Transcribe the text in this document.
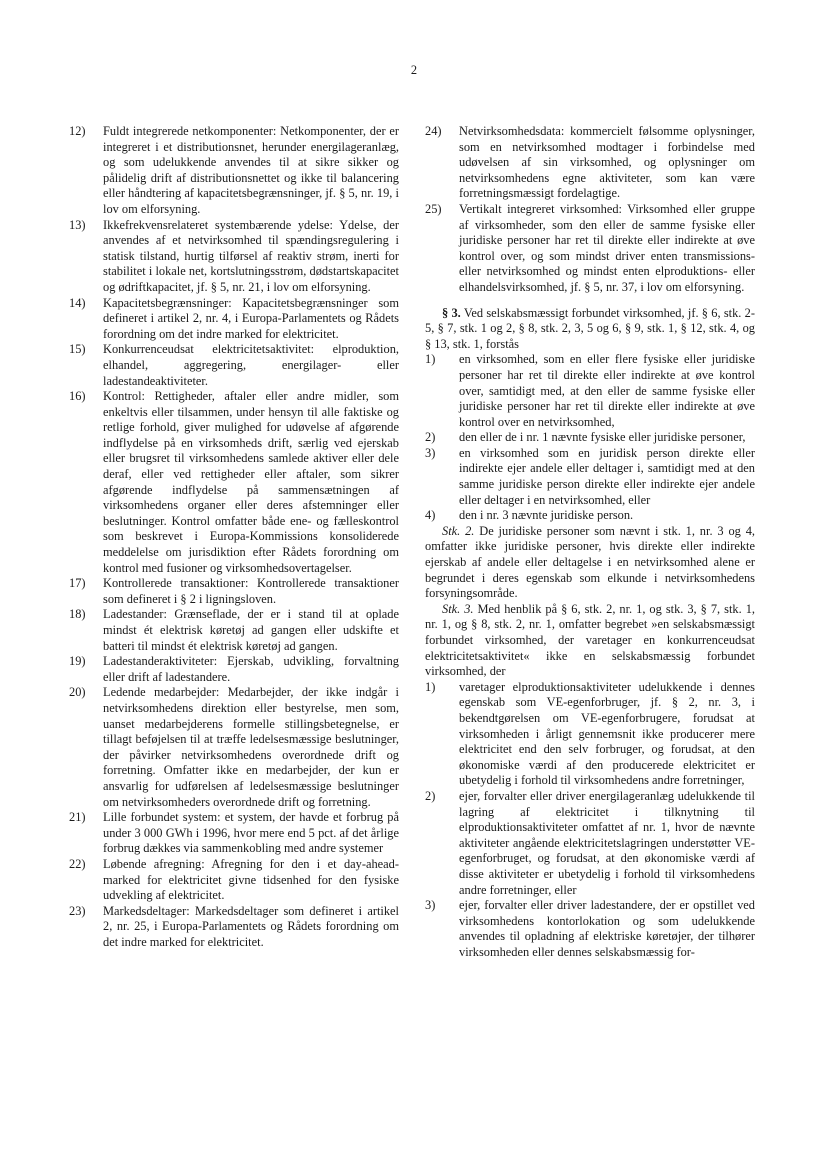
2
12)	Fuldt integrerede netkomponenter: Netkomponenter, der er integreret i et distributionsnet, herunder energilageranlæg, og som udelukkende anvendes til at sikre sikker og pålidelig drift af distributionsnettet og ikke til balancering eller håndtering af kapacitetsbegrænsninger, jf. § 5, nr. 19, i lov om elforsyning.
13)	Ikkefrekvensrelateret systembærende ydelse: Ydelse, der anvendes af et netvirksomhed til spændingsregulering i statisk tilstand, hurtig tilførsel af reaktiv strøm, inerti for stabilitet i lokale net, kortslutningsstrøm, dødstartskapacitet og ødriftkapacitet, jf. § 5, nr. 21, i lov om elforsyning.
14)	Kapacitetsbegrænsninger: Kapacitetsbegrænsninger som defineret i artikel 2, nr. 4, i Europa-Parlamentets og Rådets forordning om det indre marked for elektricitet.
15)	Konkurrenceudsat elektricitetsaktivitet: elproduktion, elhandel, aggregering, energilager- eller ladestandeaktiviteter.
16)	Kontrol: Rettigheder, aftaler eller andre midler, som enkeltvis eller tilsammen, under hensyn til alle faktiske og retlige forhold, giver mulighed for udøvelse af afgørende indflydelse på en virksomheds drift, særlig ved ejerskab eller brugsret til virksomhedens samlede aktiver eller dele deraf, eller ved rettigheder eller aftaler, som sikrer afgørende indflydelse på sammensætningen af virksomhedens organer eller deres afstemninger eller beslutninger. Kontrol omfatter både ene- og fælleskontrol som beskrevet i Europa-Kommissions konsoliderede meddelelse om jurisdiktion efter Rådets forordning om kontrol med fusioner og virksomhedsovertagelser.
17)	Kontrollerede transaktioner: Kontrollerede transaktioner som defineret i § 2 i ligningsloven.
18)	Ladestander: Grænseflade, der er i stand til at oplade mindst ét elektrisk køretøj ad gangen eller udskifte et batteri til mindst ét elektrisk køretøj ad gangen.
19)	Ladestanderaktiviteter: Ejerskab, udvikling, forvaltning eller drift af ladestandere.
20)	Ledende medarbejder: Medarbejder, der ikke indgår i netvirksomhedens direktion eller bestyrelse, men som, uanset medarbejderens formelle stillingsbetegnelse, er tillagt beføjelsen til at træffe ledelsesmæssige beslutninger, der påvirker netvirksomhedens overordnede drift og forretning. Omfatter ikke en medarbejder, der kun er ansvarlig for udførelsen af ledelsesmæssige beslutninger om netvirksomheders overordnede drift og forretning.
21)	Lille forbundet system: et system, der havde et forbrug på under 3 000 GWh i 1996, hvor mere end 5 pct. af det årlige forbrug dækkes via sammenkobling med andre systemer
22)	Løbende afregning: Afregning for den i et day-ahead-marked for elektricitet givne tidsenhed for den fysiske udvekling af elektricitet.
23)	Markedsdeltager: Markedsdeltager som defineret i artikel 2, nr. 25, i Europa-Parlamentets og Rådets forordning om det indre marked for elektricitet.
24)	Netvirksomhedsdata: kommercielt følsomme oplysninger, som en netvirksomhed modtager i forbindelse med udøvelsen af sin virksomhed, og oplysninger om netvirksomhedens egne aktiviteter, som kan være forretningsmæssigt fordelagtige.
25)	Vertikalt integreret virksomhed: Virksomhed eller gruppe af virksomheder, som den eller de samme fysiske eller juridiske personer har ret til direkte eller indirekte at øve kontrol over, og som mindst driver enten transmissions- eller netvirksomhed og mindst enten elproduktions- eller elhandelsvirksomhed, jf. § 5, nr. 37, i lov om elforsyning.

§ 3. Ved selskabsmæssigt forbundet virksomhed, jf. § 6, stk. 2-5, § 7, stk. 1 og 2, § 8, stk. 2, 3, 5 og 6, § 9, stk. 1, § 12, stk. 4, og § 13, stk. 1, forstås

1)	en virksomhed, som en eller flere fysiske eller juridiske personer har ret til direkte eller indirekte at øve kontrol over, samtidigt med, at den eller de samme fysiske eller juridiske personer har ret til direkte eller indirekte at øve kontrol over en netvirksomhed,
2)	den eller de i nr. 1 nævnte fysiske eller juridiske personer,
3)	en virksomhed som en juridisk person direkte eller indirekte ejer andele eller deltager i, samtidigt med at den samme juridiske person direkte eller indirekte ejer andele eller deltager i en netvirksomhed, eller
4)	den i nr. 3 nævnte juridiske person.

Stk. 2. De juridiske personer som nævnt i stk. 1, nr. 3 og 4, omfatter ikke juridiske personer, hvis direkte eller indirekte ejerskab af andele eller deltagelse i en netvirksomhed alene er begrundet i deres egenskab som elkunde i netvirksomhedens forsyningsområde.

Stk. 3. Med henblik på § 6, stk. 2, nr. 1, og stk. 3, § 7, stk. 1, nr. 1, og § 8, stk. 2, nr. 1, omfatter begrebet »en selskabsmæssigt forbundet virksomhed, der varetager en konkurrenceudsat elektricitetsaktivitet« ikke en selskabsmæssig forbundet virksomhed, der

1)	varetager elproduktionsaktiviteter udelukkende i dennes egenskab som VE-egenforbruger, jf. § 2, nr. 3, i bekendtgørelsen om VE-egenforbrugere, forudsat at virksomheden i årligt gennemsnit ikke producerer mere elektricitet end den selv forbruger, og forudsat, at den økonomiske værdi af den producerede elektricitet er ubetydelig i forhold til virksomhedens andre forretninger,
2)	ejer, forvalter eller driver energilageranlæg udelukkende til lagring af elektricitet i tilknytning til elproduktionsaktiviteter omfattet af nr. 1, hvor de nævnte aktiviteter angående elektricitetslagringen understøtter VE-egenforbruget, og forudsat, at den økonomiske værdi af disse aktiviteter er ubetydelig i forhold til virksomhedens andre forretninger, eller
3)	ejer, forvalter eller driver ladestandere, der er opstillet ved virksomhedens kontorlokation og som udelukkende anvendes til opladning af elektriske køretøjer, der tilhører virksomheden eller dennes selskabsmæssig for-
